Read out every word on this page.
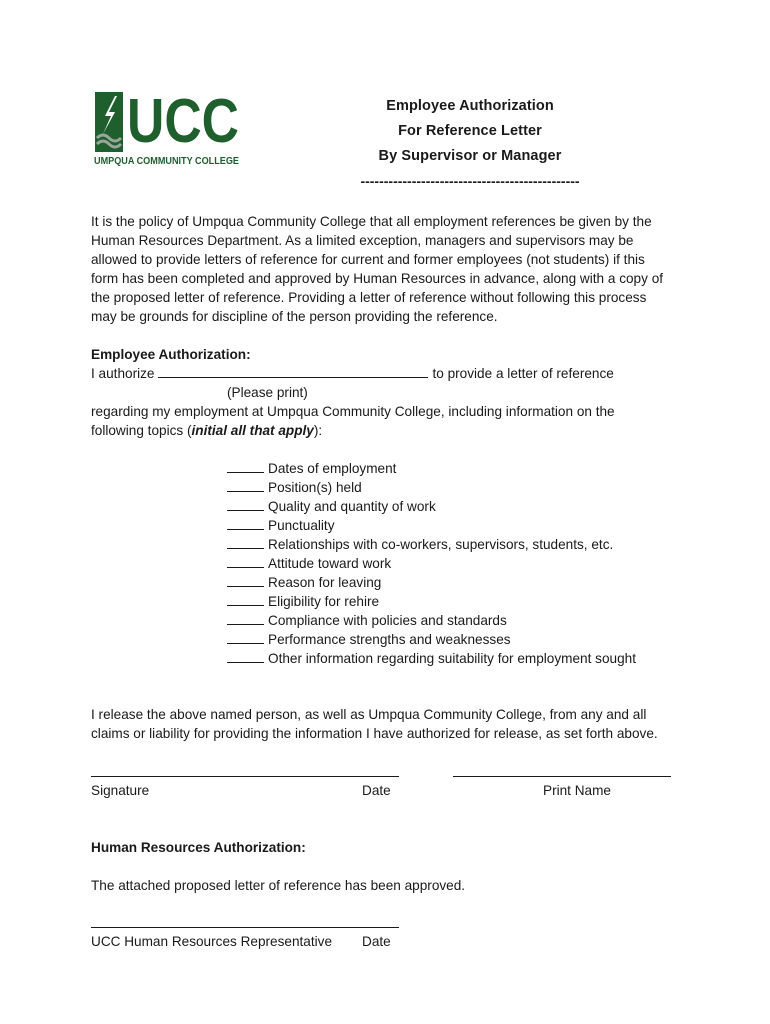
UCC
UMPQUA COMMUNITY COLLEGE
Employee Authorization
For Reference Letter
By Supervisor or Manager
-----------------------------------------------
It is the policy of Umpqua Community College that all employment references be given by the
Human Resources Department. As a limited exception, managers and supervisors may be
allowed to provide letters of reference for current and former employees (not students) if this
form has been completed and approved by Human Resources in advance, along with a copy of
the proposed letter of reference. Providing a letter of reference without following this process
may be grounds for discipline of the person providing the reference.
Employee Authorization:
I authorize	to provide a letter of reference
(Please print)
regarding my employment at Umpqua Community College, including information on the
following topics (initial all that apply):
Dates of employment
Position(s) held
Quality and quantity of work
Punctuality
Relationships with co-workers, supervisors, students, etc.
Attitude toward work
Reason for leaving
Eligibility for rehire
Compliance with policies and standards
Performance strengths and weaknesses
Other information regarding suitability for employment sought
I release the above named person, as well as Umpqua Community College, from any and all
claims or liability for providing the information I have authorized for release, as set forth above.
Signature	Date	Print Name
Human Resources Authorization:
The attached proposed letter of reference has been approved.
UCC Human Resources Representative Date
